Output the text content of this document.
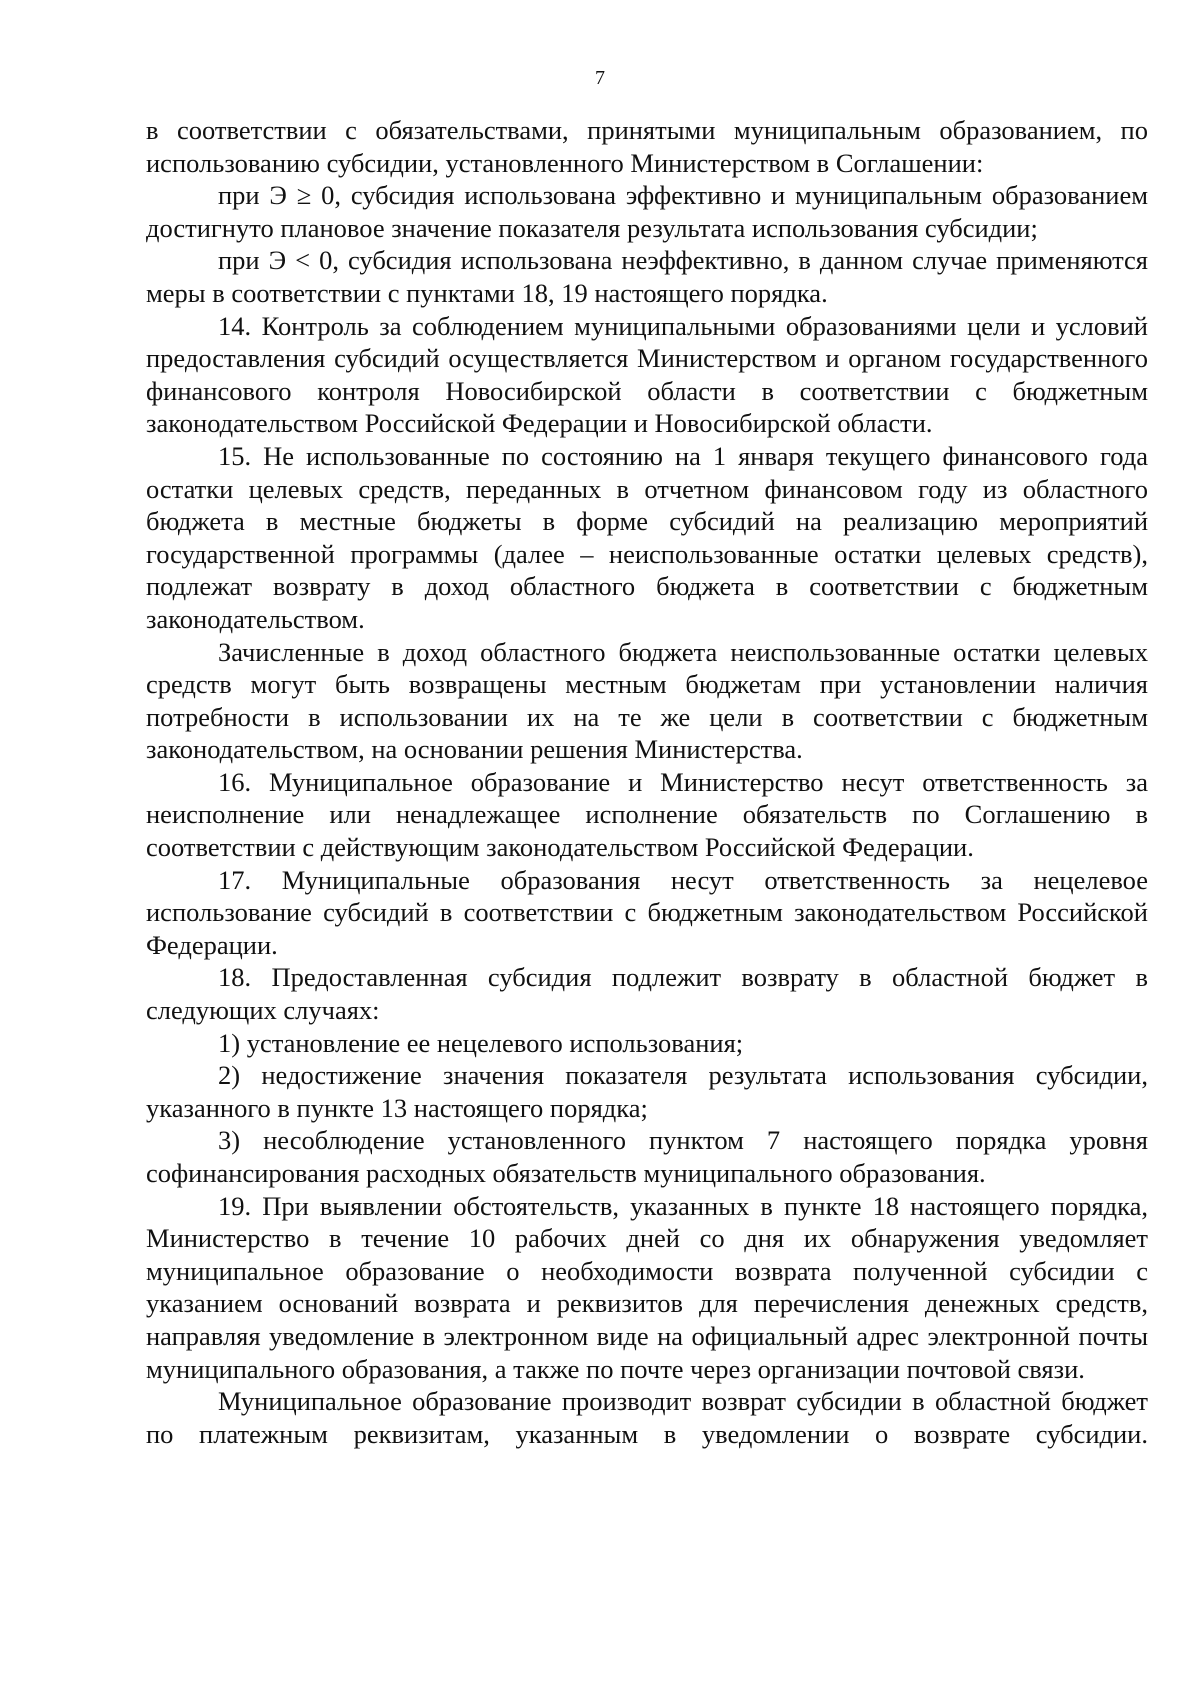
7

в соответствии с обязательствами, принятыми муниципальным образованием, по использованию субсидии, установленного Министерством в Соглашении:

при Э ≥ 0, субсидия использована эффективно и муниципальным образованием достигнуто плановое значение показателя результата использования субсидии;

при Э < 0, субсидия использована неэффективно, в данном случае применяются меры в соответствии с пунктами 18, 19 настоящего порядка.

14. Контроль за соблюдением муниципальными образованиями цели и условий предоставления субсидий осуществляется Министерством и органом государственного финансового контроля Новосибирской области в соответствии с бюджетным законодательством Российской Федерации и Новосибирской области.

15. Не использованные по состоянию на 1 января текущего финансового года остатки целевых средств, переданных в отчетном финансовом году из областного бюджета в местные бюджеты в форме субсидий на реализацию мероприятий государственной программы (далее – неиспользованные остатки целевых средств), подлежат возврату в доход областного бюджета в соответствии с бюджетным законодательством.

Зачисленные в доход областного бюджета неиспользованные остатки целевых средств могут быть возвращены местным бюджетам при установлении наличия потребности в использовании их на те же цели в соответствии с бюджетным законодательством, на основании решения Министерства.

16. Муниципальное образование и Министерство несут ответственность за неисполнение или ненадлежащее исполнение обязательств по Соглашению в соответствии с действующим законодательством Российской Федерации.

17. Муниципальные образования несут ответственность за нецелевое использование субсидий в соответствии с бюджетным законодательством Российской Федерации.

18. Предоставленная субсидия подлежит возврату в областной бюджет в следующих случаях:

1) установление ее нецелевого использования;

2) недостижение значения показателя результата использования субсидии, указанного в пункте 13 настоящего порядка;

3) несоблюдение установленного пунктом 7 настоящего порядка уровня софинансирования расходных обязательств муниципального образования.

19. При выявлении обстоятельств, указанных в пункте 18 настоящего порядка, Министерство в течение 10 рабочих дней со дня их обнаружения уведомляет муниципальное образование о необходимости возврата полученной субсидии с указанием оснований возврата и реквизитов для перечисления денежных средств, направляя уведомление в электронном виде на официальный адрес электронной почты муниципального образования, а также по почте через организации почтовой связи.

Муниципальное образование производит возврат субсидии в областной бюджет по платежным реквизитам, указанным в уведомлении о возврате субсидии.
